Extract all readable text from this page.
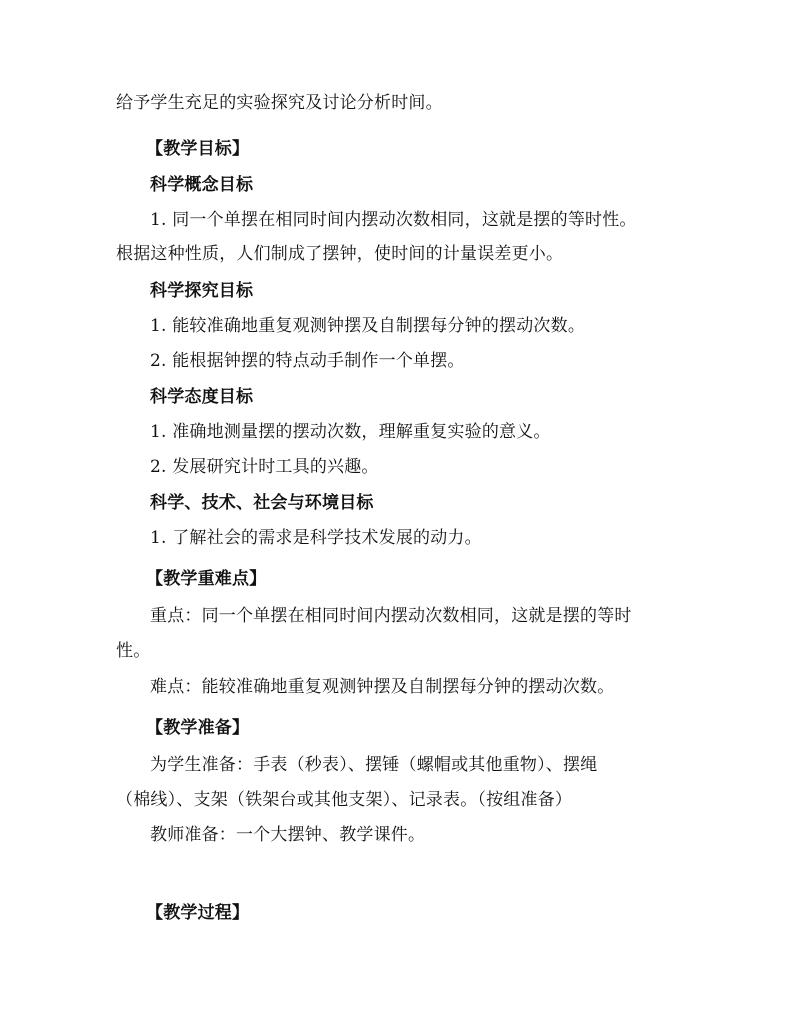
给予学生充足的实验探究及讨论分析时间。
【教学目标】
科学概念目标
1. 同一个单摆在相同时间内摆动次数相同，这就是摆的等时性。
根据这种性质，人们制成了摆钟，使时间的计量误差更小。
科学探究目标
1. 能较准确地重复观测钟摆及自制摆每分钟的摆动次数。
2. 能根据钟摆的特点动手制作一个单摆。
科学态度目标
1. 准确地测量摆的摆动次数，理解重复实验的意义。
2. 发展研究计时工具的兴趣。
科学、技术、社会与环境目标
1. 了解社会的需求是科学技术发展的动力。
【教学重难点】
重点：同一个单摆在相同时间内摆动次数相同，这就是摆的等时
性。
难点：能较准确地重复观测钟摆及自制摆每分钟的摆动次数。
【教学准备】
为学生准备：手表（秒表）、摆锤（螺帽或其他重物）、摆绳
（棉线）、支架（铁架台或其他支架）、记录表。（按组准备）
教师准备：一个大摆钟、教学课件。
【教学过程】
